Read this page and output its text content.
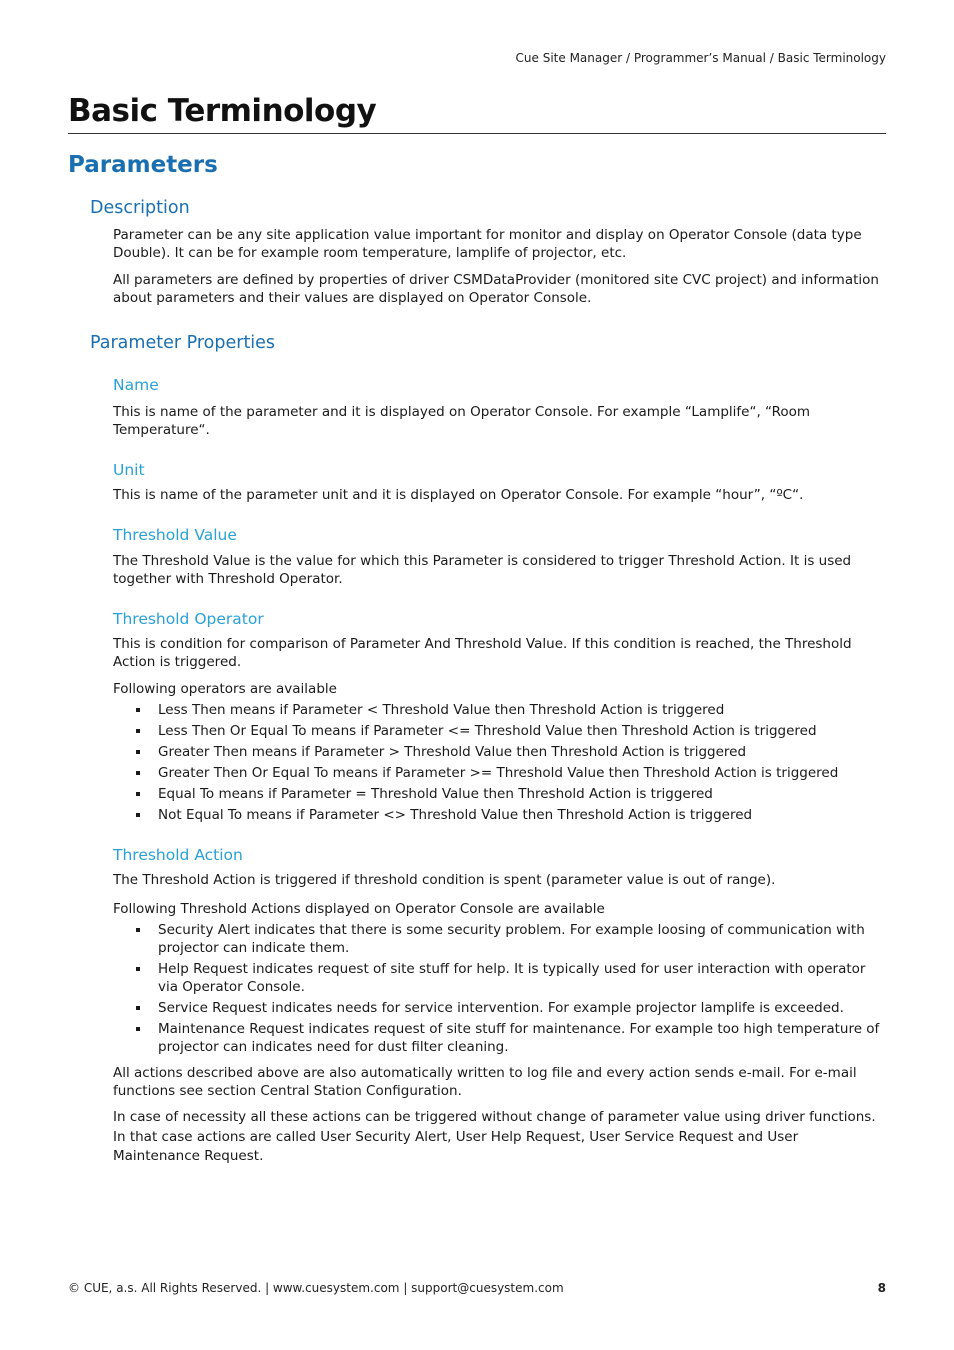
Cue Site Manager / Programmer’s Manual / Basic Terminology
Basic Terminology
Parameters
Description

Parameter can be any site application value important for monitor and display on Operator Console (data type Double). It can be for example room temperature, lamplife of projector, etc.

All parameters are defined by properties of driver CSMDataProvider (monitored site CVC project) and information about parameters and their values are displayed on Operator Console.

Parameter Properties
Name

This is name of the parameter and it is displayed on Operator Console. For example “Lamplife“, “Room Temperature“.

Unit

This is name of the parameter unit and it is displayed on Operator Console. For example “hour”, “ºC“.

Threshold Value

The Threshold Value is the value for which this Parameter is considered to trigger Threshold Action. It is used together with Threshold Operator.

Threshold Operator

This is condition for comparison of Parameter And Threshold Value. If this condition is reached, the Threshold Action is triggered.

Following operators are available

Less Then means if Parameter < Threshold Value then Threshold Action is triggered
Less Then Or Equal To means if Parameter <= Threshold Value then Threshold Action is triggered
Greater Then means if Parameter > Threshold Value then Threshold Action is triggered
Greater Then Or Equal To means if Parameter >= Threshold Value then Threshold Action is triggered
Equal To means if Parameter = Threshold Value then Threshold Action is triggered
Not Equal To means if Parameter <> Threshold Value then Threshold Action is triggered
Threshold Action

The Threshold Action is triggered if threshold condition is spent (parameter value is out of range).

Following Threshold Actions displayed on Operator Console are available

Security Alert indicates that there is some security problem. For example loosing of communication with projector can indicate them.
Help Request indicates request of site stuff for help. It is typically used for user interaction with operator via Operator Console.
Service Request indicates needs for service intervention. For example projector lamplife is exceeded.
Maintenance Request indicates request of site stuff for maintenance. For example too high temperature of projector can indicates need for dust filter cleaning.

All actions described above are also automatically written to log file and every action sends e-mail. For e-mail functions see section Central Station Configuration.

In case of necessity all these actions can be triggered without change of parameter value using driver functions. In that case actions are called User Security Alert, User Help Request, User Service Request and User Maintenance Request.

© CUE, a.s. All Rights Reserved. | www.cuesystem.com | support@cuesystem.com	8
